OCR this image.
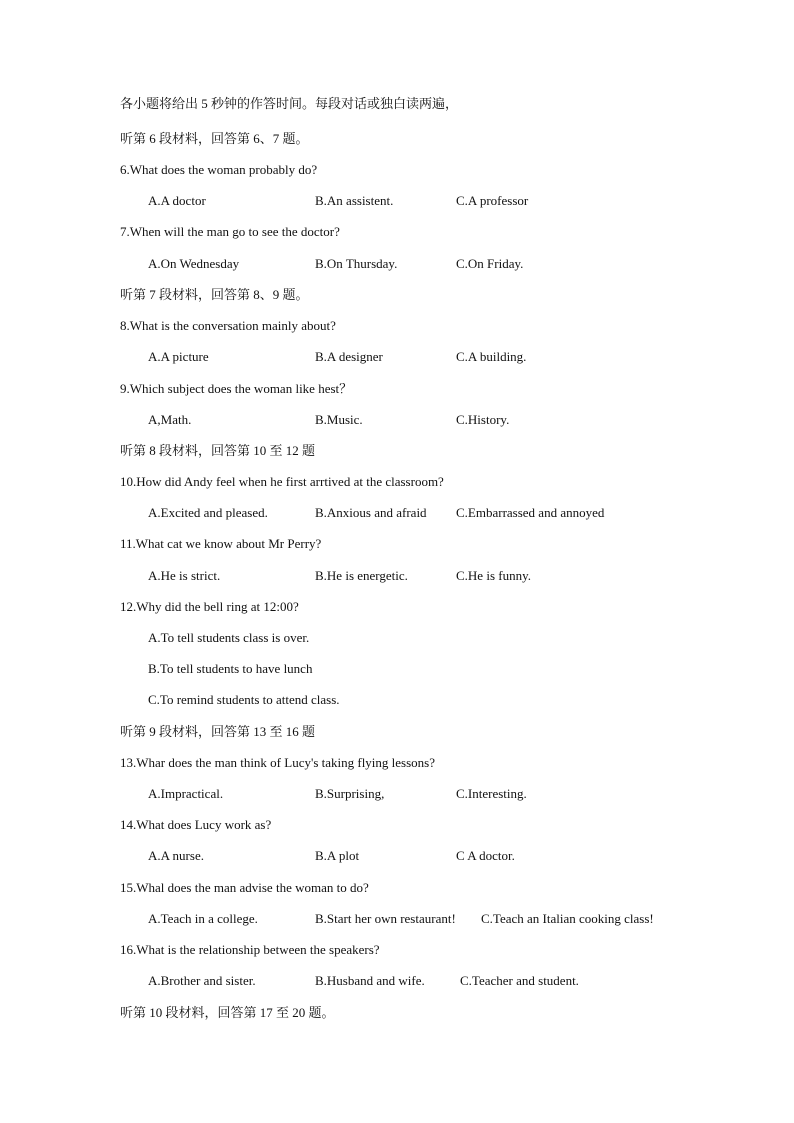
各小题将给出 5 秒钟的作答时间。每段对话或独白读两遍，
听第 6 段材料，回答第 6、7 题。
6.What does the woman probably do?
A.A doctor	B.An assistent.	C.A professor
7.When will the man go to see the doctor?
A.On Wednesday	B.On Thursday.	C.On Friday.
听第 7 段材料，回答第 8、9 题。
8.What is the conversation mainly about?
A.A picture	B.A designer	C.A building.
9.Which subject does the woman like hest？
A,Math.	B.Music.	C.History.
听第 8 段材料，回答第 10 至 12 题
10.How did Andy feel when he first arrtived at the classroom?
A.Excited and pleased.	B.Anxious and afraid C.Embarrassed and annoyed
11.What cat we know about Mr Perry?
A.He is strict.	B.He is energetic.	C.He is funny.
12.Why did the bell ring at 12:00?
A.To tell students class is over.
B.To tell students to have lunch
C.To remind students to attend class.
听第 9 段材料，回答第 13 至 16 题
13.Whar does the man think of Lucy's taking flying lessons?
A.Impractical.	B.Surprising,	C.Interesting.
14.What does Lucy work as?
A.A nurse.	B.A plot	C A doctor.
15.Whal does the man advise the woman to do?
A.Teach in a college.	B.Start her own restaurant! C.Teach an Italian cooking class!
16.What is the relationship between the speakers?
A.Brother and sister.	B.Husband and wife.	C.Teacher and student.
听第 10 段材料，回答第 17 至 20 题。
